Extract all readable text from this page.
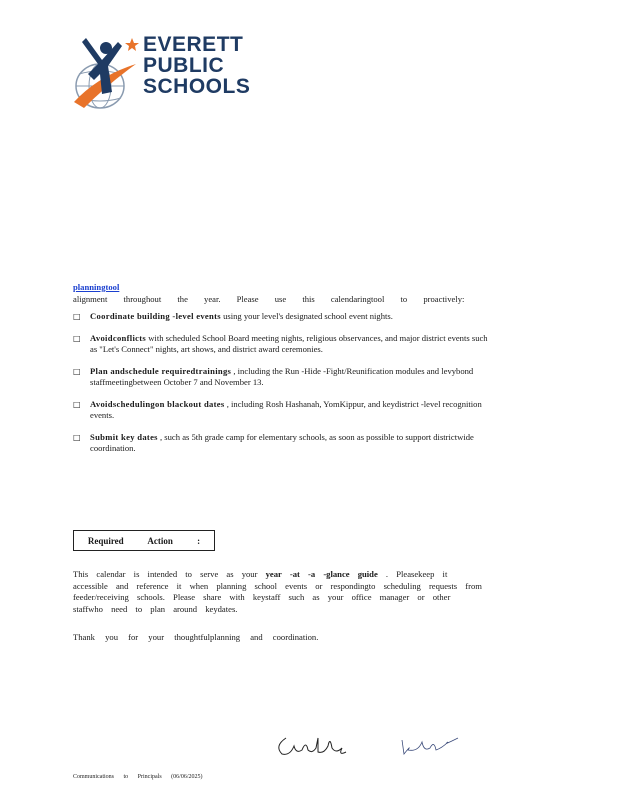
EVERETT
PUBLIC
SCHOOLS
planningtool
alignment throughout the year. Please use this calendaringtool to proactively:
□ Coordinate building -level events using your level's designated school event nights.
□ Avoidconflicts with scheduled School Board meeting nights, religious observances, and major district events such as "Let's Connect" nights, art shows, and district award ceremonies.
□ Plan andschedule requiredtrainings , including the Run -Hide -Fight/Reunification modules and levybond staffmeetingbetween October 7 and November 13.
□ Avoidschedulingon blackout dates , including Rosh Hashanah, YomKippur, and keydistrict -level recognition events.
□ Submit key dates , such as 5th grade camp for elementary schools, as soon as possible to support districtwide coordination.
Required Action :
This calendar is intended to serve as your year -at -a -glance guide . Pleasekeep it accessible and reference it when planning school events or respondingto scheduling requests from feeder/receiving schools. Please share with keystaff such as your office manager or other staffwho need to plan around keydates.
Thank you for your thoughtfulplanning and coordination.
Communications to Principals (06/06/2025)
